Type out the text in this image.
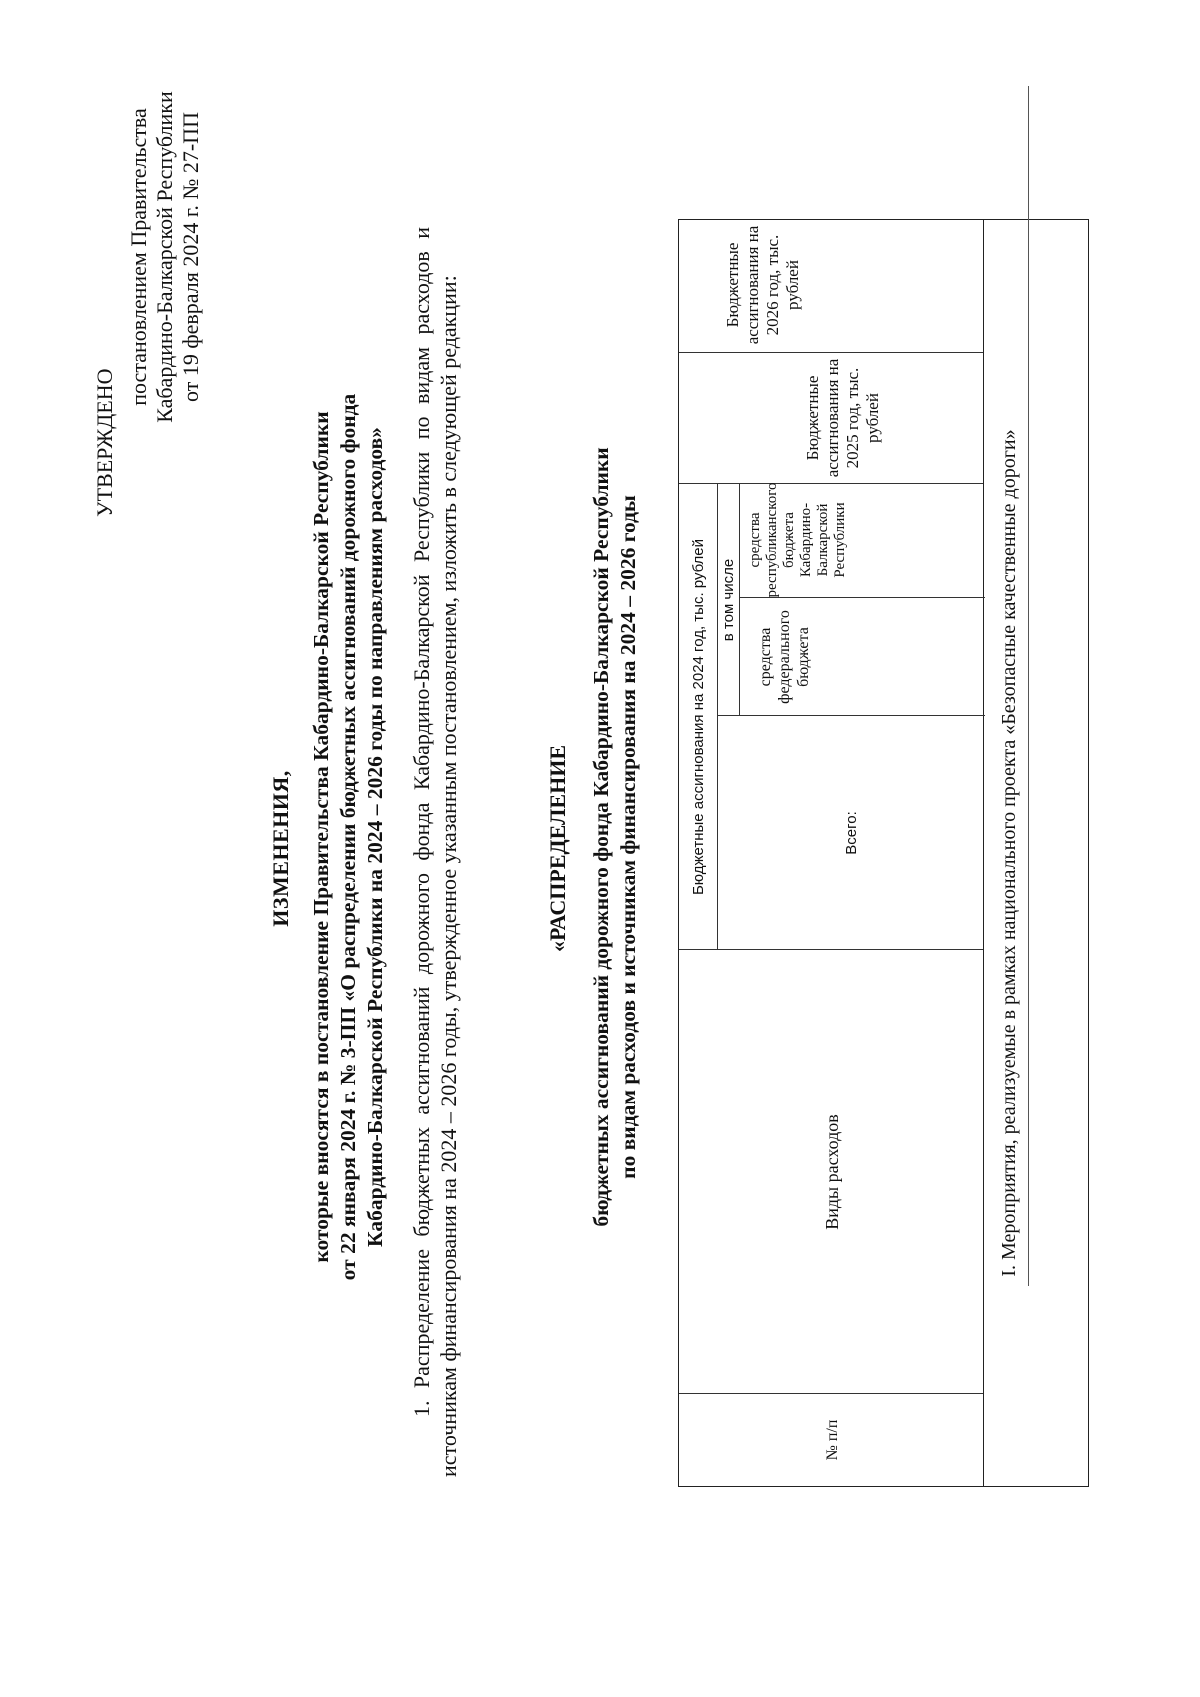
УТВЕРЖДЕНО
постановлением Правительства Кабардино-Балкарской Республики от 19 февраля 2024 г. № 27-ПП
ИЗМЕНЕНИЯ, которые вносятся в постановление Правительства Кабардино-Балкарской Республики от 22 января 2024 г. № 3-ПП «О распределении бюджетных ассигнований дорожного фонда Кабардино-Балкарской Республики на 2024 – 2026 годы по направлениям расходов» 1. Распределение бюджетных ассигнований дорожного фонда Кабардино-Балкарской Республики по видам расходов и источникам финансирования на 2024 – 2026 годы, утвержденное указанным постановлением, изложить в следующей редакции:	«РАСПРЕДЕЛЕНИЕ бюджетных ассигнований дорожного фонда Кабардино-Балкарской Республики по видам расходов и источникам финансирования на 2024 – 2026 годы
№ п/п
Виды расходов
Бюджетные ассигнования на 2024 год, тыс. рублей	Всего:
в том числе
средства федерального бюджета
средства республиканского бюджета Кабардино-Балкарской Республики
Бюджетные ассигнования на 2025 год, тыс. рублей
Бюджетные ассигнования на 2026 год, тыс. рублей
I. Мероприятия, реализуемые в рамках национального проекта «Безопасные качественные дороги»
